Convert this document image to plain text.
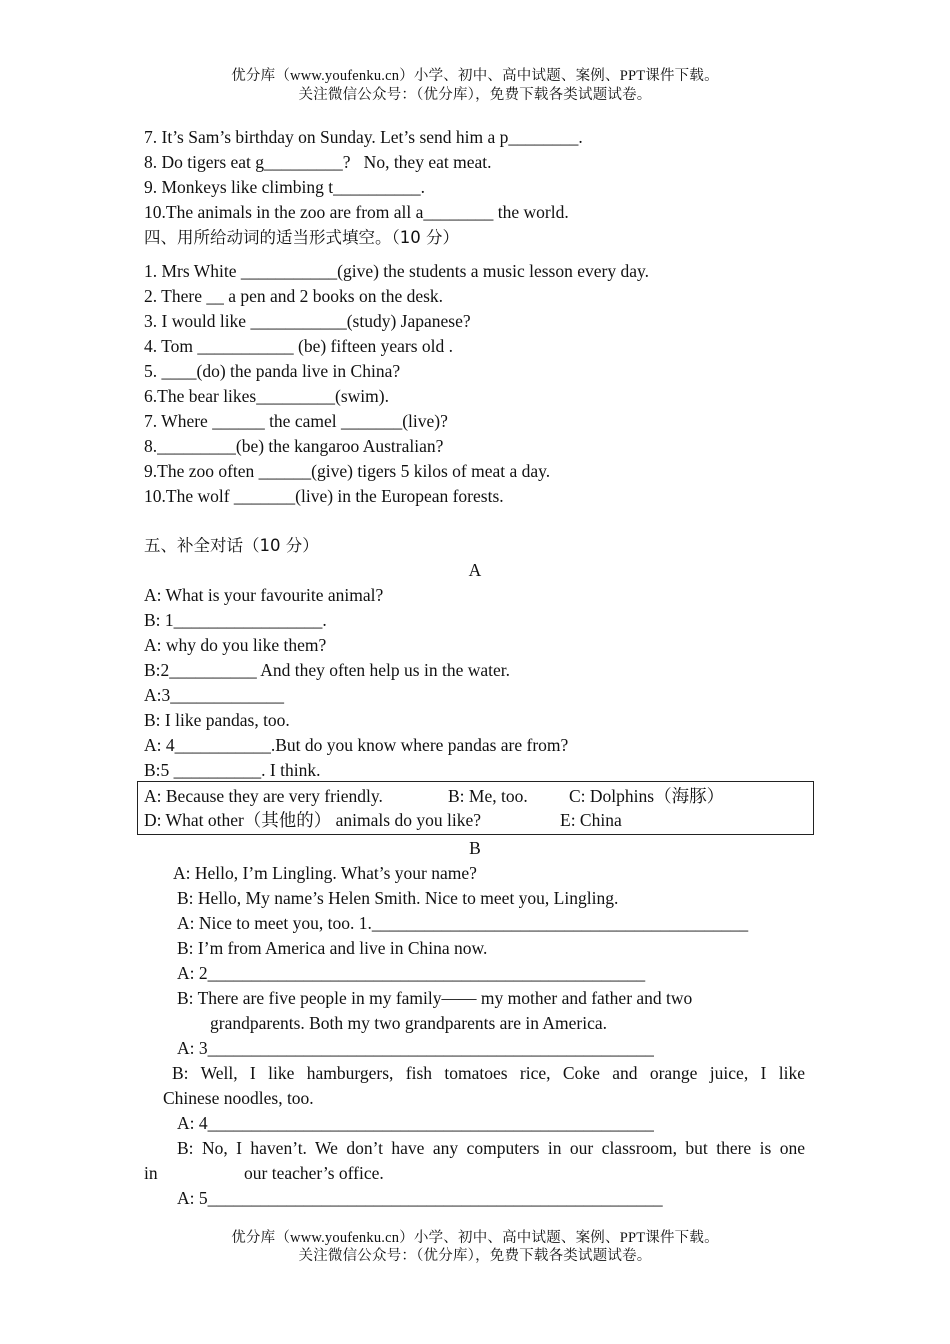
优分库（www.youfenku.cn）小学、初中、高中试题、案例、PPT课件下载。
关注微信公众号：（优分库），免费下载各类试题试卷。
7. It’s Sam’s birthday on Sunday. Let’s send him a p________.
8. Do tigers eat g_________?   No, they eat meat.
9. Monkeys like climbing t__________.
10.The animals in the zoo are from all a________ the world.
四、用所给动词的适当形式填空。（10 分）
1. Mrs White ___________(give) the students a music lesson every day.
2. There __ a pen and 2 books on the desk.
3. I would like ___________(study) Japanese?
4. Tom ___________ (be) fifteen years old .
5. ____(do) the panda live in China?
6.The bear likes_________(swim).
7. Where ______ the camel _______(live)?
8._________(be) the kangaroo Australian?
9.The zoo often ______(give) tigers 5 kilos of meat a day.
10.The wolf _______(live) in the European forests.
五、补全对话（10 分）
A
A: What is your favourite animal?
B: 1_________________.
A: why do you like them?
B:2__________ And they often help us in the water.
A:3_____________
B: I like pandas, too.
A: 4___________.But do you know where pandas are from?
B:5 __________. I think.
A: Because they are very friendly.	B: Me, too. C: Dolphins（海豚）
D: What other（其他的） animals do you like?	E: China
B
A: Hello, I’m Lingling. What’s your name?
B: Hello, My name’s Helen Smith. Nice to meet you, Lingling.
A: Nice to meet you, too. 1.___________________________________________
B: I’m from America and live in China now.
A: 2__________________________________________________
B: There are five people in my family—— my mother and father and two
grandparents. Both my two grandparents are in America.
A: 3___________________________________________________
B: Well, I like hamburgers, fish tomatoes rice, Coke and orange juice, I like
Chinese noodles, too.
A: 4___________________________________________________
B: No, I haven’t. We don’t have any computers in our classroom, but there is one
in	our teacher’s office.
A: 5____________________________________________________
优分库（www.youfenku.cn）小学、初中、高中试题、案例、PPT课件下载。
关注微信公众号：（优分库），免费下载各类试题试卷。
